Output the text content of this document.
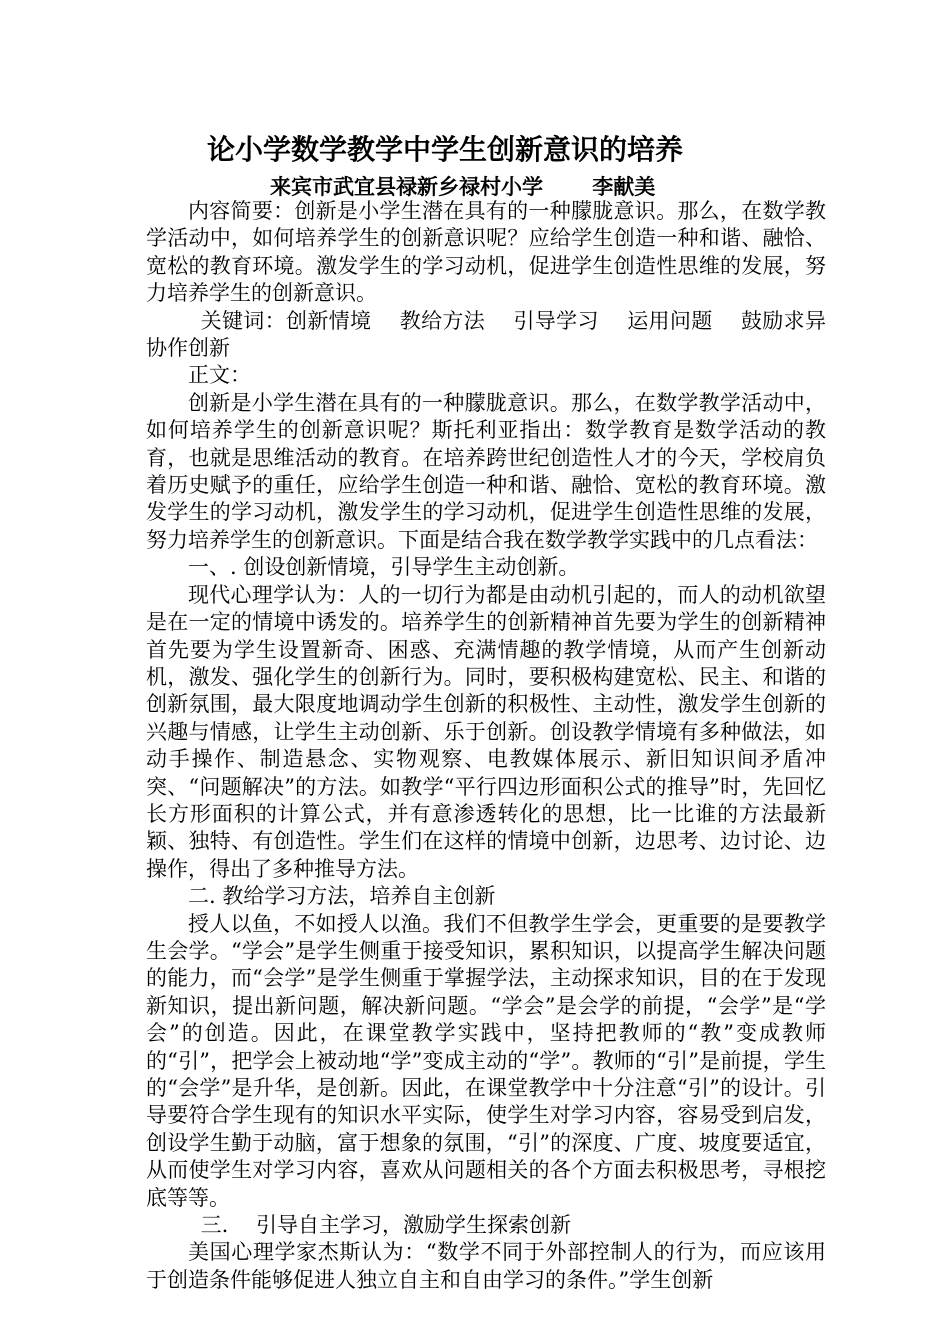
论小学数学教学中学生创新意识的培养
来宾市武宜县禄新乡禄村小学　　 李献美

内容简要：创新是小学生潜在具有的一种朦胧意识。那么，在数学教学活动中，如何培养学生的创新意识呢？应给学生创造一种和谐、融恰、宽松的教育环境。激发学生的学习动机，促进学生创造性思维的发展，努力培养学生的创新意识。

关键词：创新情境　 教给方法　 引导学习　 运用问题　 鼓励求异　 协作创新

正文：

创新是小学生潜在具有的一种朦胧意识。那么，在数学教学活动中，如何培养学生的创新意识呢？斯托利亚指出：数学教育是数学活动的教育，也就是思维活动的教育。在培养跨世纪创造性人才的今天，学校肩负着历史赋予的重任，应给学生创造一种和谐、融恰、宽松的教育环境。激发学生的学习动机，激发学生的学习动机，促进学生创造性思维的发展，努力培养学生的创新意识。下面是结合我在数学教学实践中的几点看法：

一、. 创设创新情境，引导学生主动创新。

现代心理学认为：人的一切行为都是由动机引起的，而人的动机欲望是在一定的情境中诱发的。培养学生的创新精神首先要为学生的创新精神首先要为学生设置新奇、困惑、充满情趣的教学情境，从而产生创新动机，激发、强化学生的创新行为。同时，要积极构建宽松、民主、和谐的创新氛围，最大限度地调动学生创新的积极性、主动性，激发学生创新的兴趣与情感，让学生主动创新、乐于创新。创设教学情境有多种做法，如动手操作、制造悬念、实物观察、电教媒体展示、新旧知识间矛盾冲突、“问题解决”的方法。如教学“平行四边形面积公式的推导”时，先回忆长方形面积的计算公式，并有意渗透转化的思想，比一比谁的方法最新颖、独特、有创造性。学生们在这样的情境中创新，边思考、边讨论、边操作，得出了多种推导方法。

二. 教给学习方法，培养自主创新

授人以鱼，不如授人以渔。我们不但教学生学会，更重要的是要教学生会学。“学会”是学生侧重于接受知识，累积知识，以提高学生解决问题的能力，而“会学”是学生侧重于掌握学法，主动探求知识，目的在于发现新知识，提出新问题，解决新问题。“学会”是会学的前提，“会学”是“学会”的创造。因此，在课堂教学实践中，坚持把教师的“教”变成教师的“引”，把学会上被动地“学”变成主动的“学”。教师的“引”是前提，学生的“会学”是升华，是创新。因此，在课堂教学中十分注意“引”的设计。引导要符合学生现有的知识水平实际，使学生对学习内容，容易受到启发，创设学生勤于动脑，富于想象的氛围，“引”的深度、广度、坡度要适宜，从而使学生对学习内容，喜欢从问题相关的各个方面去积极思考，寻根挖底等等。

三.　 引导自主学习，激励学生探索创新

美国心理学家杰斯认为：“数学不同于外部控制人的行为，而应该用于创造条件能够促进人独立自主和自由学习的条件。”学生创新
